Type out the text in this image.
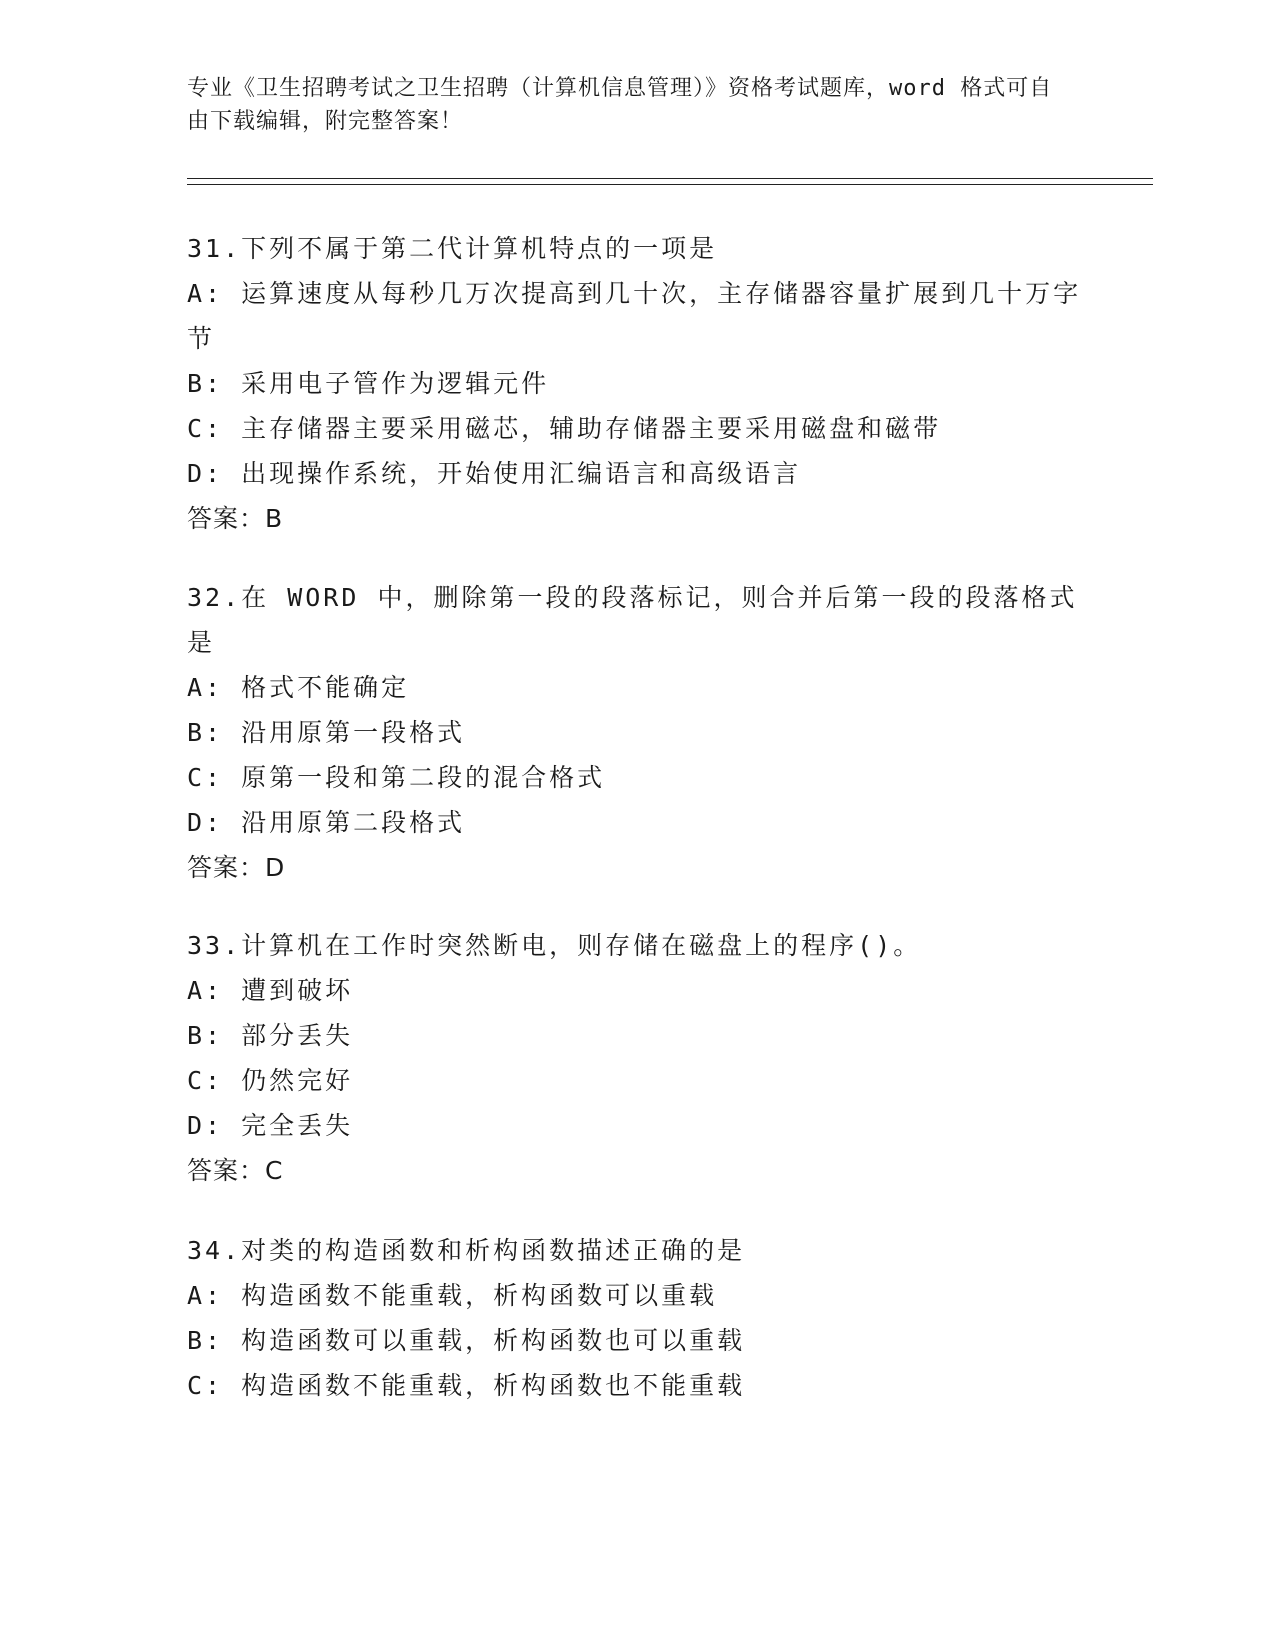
专业《卫生招聘考试之卫生招聘（计算机信息管理）》资格考试题库，word 格式可自由下载编辑，附完整答案！
31.下列不属于第二代计算机特点的一项是
A: 运算速度从每秒几万次提高到几十次，主存储器容量扩展到几十万字节
B: 采用电子管作为逻辑元件
C: 主存储器主要采用磁芯，辅助存储器主要采用磁盘和磁带
D: 出现操作系统，开始使用汇编语言和高级语言
答案：B
32.在 WORD 中，删除第一段的段落标记，则合并后第一段的段落格式是
A: 格式不能确定
B: 沿用原第一段格式
C: 原第一段和第二段的混合格式
D: 沿用原第二段格式
答案：D
33.计算机在工作时突然断电，则存储在磁盘上的程序()。
A: 遭到破坏
B: 部分丢失
C: 仍然完好
D: 完全丢失
答案：C
34.对类的构造函数和析构函数描述正确的是
A: 构造函数不能重载，析构函数可以重载
B: 构造函数可以重载，析构函数也可以重载
C: 构造函数不能重载，析构函数也不能重载
